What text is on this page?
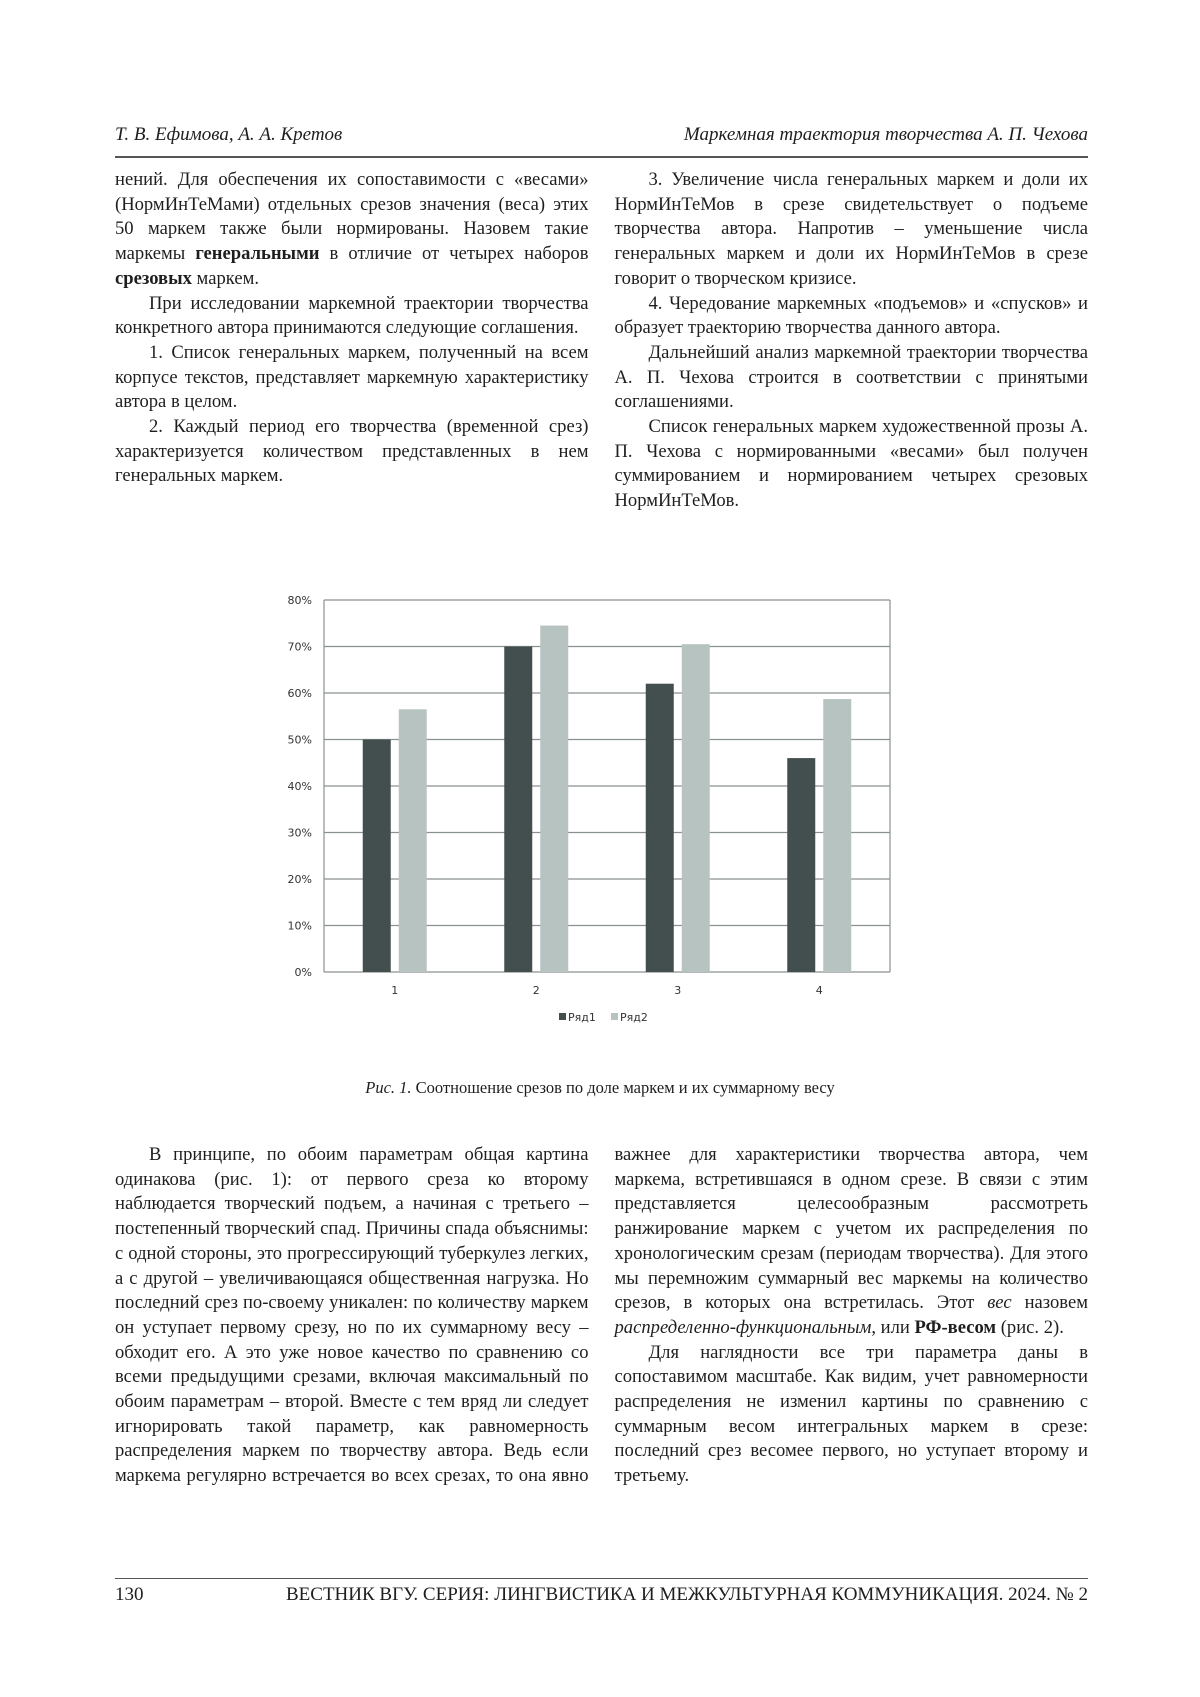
Т. В. Ефимова, А. А. Кретов	Маркемная траектория творчества А. П. Чехова

нений. Для обеспечения их сопоставимости с «весами» (НормИнТеМами) отдельных срезов значения (веса) этих 50 маркем также были нормированы. Назовем такие маркемы генеральными в отличие от четырех наборов срезовых маркем.

При исследовании маркемной траектории творчества конкретного автора принимаются следующие соглашения.

1. Список генеральных маркем, полученный на всем корпусе текстов, представляет маркемную характеристику автора в целом.

2. Каждый период его творчества (временной срез) характеризуется количеством представленных в нем генеральных маркем.

3. Увеличение числа генеральных маркем и доли их НормИнТеМов в срезе свидетельствует о подъеме творчества автора. Напротив – уменьшение числа генеральных маркем и доли их НормИнТеМов в срезе говорит о творческом кризисе.

4. Чередование маркемных «подъемов» и «спусков» и образует траекторию творчества данного автора.

Дальнейший анализ маркемной траектории творчества А. П. Чехова строится в соответствии с принятыми соглашениями.

Список генеральных маркем художественной прозы А. П. Чехова с нормированными «весами» был получен суммированием и нормированием четырех срезовых НормИнТеМов.

0%
10%
20%
30%
40%
50%
60%
70%
80%
1	2	3	4
Ряд1 Ряд2
Рис. 1. Соотношение срезов по доле маркем и их суммарному весу

В принципе, по обоим параметрам общая картина одинакова (рис. 1): от первого среза ко второму наблюдается творческий подъем, а начиная с третьего – постепенный творческий спад. Причины спада объяснимы: с одной стороны, это прогрессирующий туберкулез легких, а с другой – увеличивающаяся общественная нагрузка. Но последний срез по-своему уникален: по количеству маркем он уступает первому срезу, но по их суммарному весу – обходит его. А это уже новое качество по сравнению со всеми предыдущими срезами, включая максимальный по обоим параметрам – второй. Вместе с тем вряд ли следует игнорировать такой параметр, как равномерность распределения маркем по творчеству автора. Ведь если маркема регулярно встречается во всех срезах, то она явно важнее для характеристики творчества автора, чем маркема, встретившаяся в одном срезе. В связи с этим представляется целесообразным рассмотреть ранжирование маркем с учетом их распределения по хронологическим срезам (периодам творчества). Для этого мы перемножим суммарный вес маркемы на количество срезов, в которых она встретилась. Этот вес назовем распределенно-функциональным, или РФ-весом (рис. 2).

Для наглядности все три параметра даны в сопоставимом масштабе. Как видим, учет равномерности распределения не изменил картины по сравнению с суммарным весом интегральных маркем в срезе: последний срез весомее первого, но уступает второму и третьему.

130	ВЕСТНИК ВГУ. СЕРИЯ: ЛИНГВИСТИКА И МЕЖКУЛЬТУРНАЯ КОММУНИКАЦИЯ. 2024. № 2
